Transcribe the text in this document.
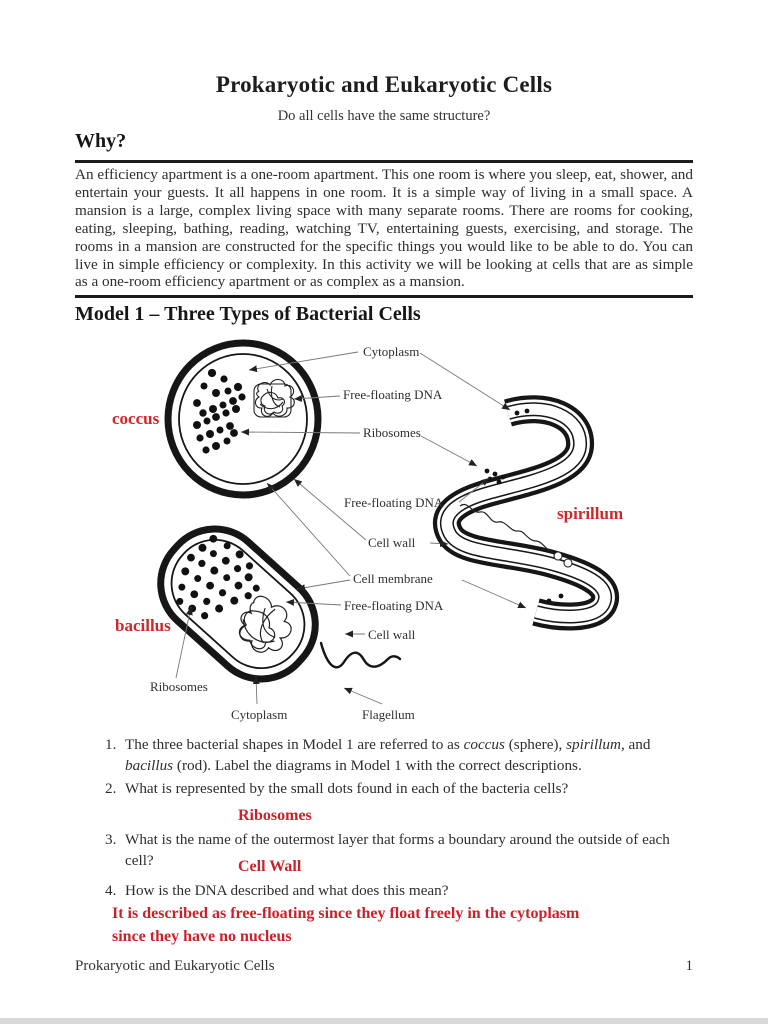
Prokaryotic and Eukaryotic Cells
Do all cells have the same structure?
Why?

An efficiency apartment is a one-room apartment. This one room is where you sleep, eat, shower, and entertain your guests. It all happens in one room. It is a simple way of living in a small space. A mansion is a large, complex living space with many separate rooms. There are rooms for cooking, eating, sleeping, bathing, reading, watching TV, entertaining guests, exercising, and storage. The rooms in a mansion are constructed for the specific things you would like to be able to do. You can live in simple efficiency or complexity. In this activity we will be looking at cells that are as simple as a one-room efficiency apartment or as complex as a mansion.

Model 1 – Three Types of Bacterial Cells
Cytoplasm
Free-floating DNA
Ribosomes
Free-floating DNA
Cell wall
Cell membrane
Free-floating DNA
Cell wall
Ribosomes
Cytoplasm	Flagellum
coccus
bacillus
spirillum
1. The three bacterial shapes in Model 1 are referred to as coccus (sphere), spirillum, and bacillus (rod). Label the diagrams in Model 1 with the correct descriptions.
2. What is represented by the small dots found in each of the bacteria cells?
Ribosomes
3. What is the name of the outermost layer that forms a boundary around the outside of each cell?	Cell Wall
4. How is the DNA described and what does this mean?
It is described as free-floating since they float freely in the cytoplasm
since they have no nucleus
Prokaryotic and Eukaryotic Cells	1
